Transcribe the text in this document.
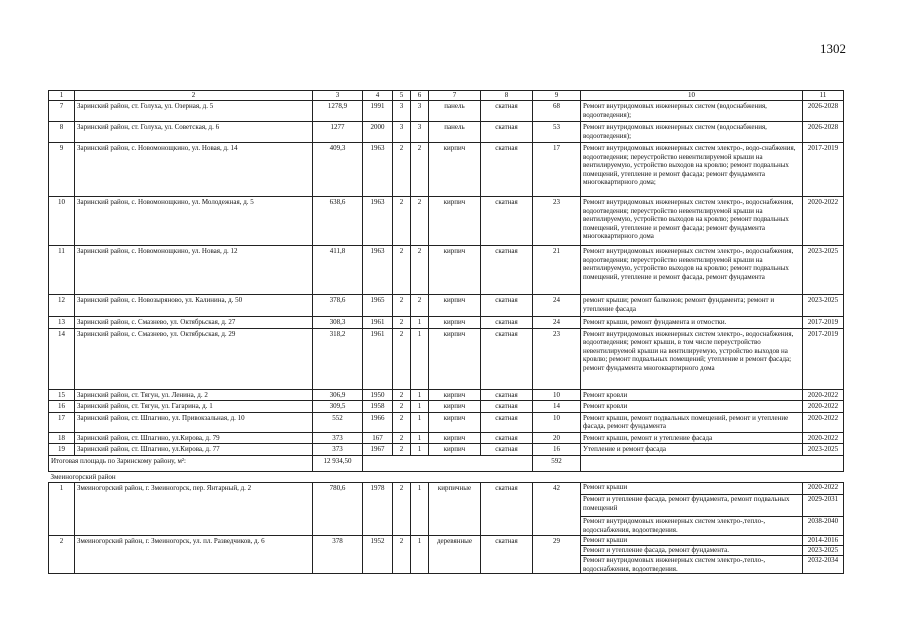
1302
1	2	3	4	5	6	7	8	9	10	11
7	Заринский район, ст. Голуха, ул. Озерная, д. 5	1278,9	1991	3	3	панель	скатная	68	Ремонт внутридомовых инженерных систем (водоснабжения, водоотведения);	2026-2028
8	Заринский район, ст. Голуха, ул. Советская, д. 6	1277	2000	3	3	панель	скатная	53	Ремонт внутридомовых инженерных систем (водоснабжения, водоотведения);	2026-2028
9	Заринский район, с. Новомонощкино, ул. Новая, д. 14	409,3	1963	2	2	кирпич	скатная	17	Ремонт внутридомовых инженерных систем электро-, водо-снабжения, водоотведения; переустройство невентилируемой крыши на вентилируемую, устройство выходов на кровлю; ремонт подвальных помещений, утепление и ремонт фасада; ремонт фундамента многоквартирного дома;	2017-2019
10	Заринский район, с. Новомонощкино, ул. Молодежная, д. 5	638,6	1963	2	2	кирпич	скатная	23	Ремонт внутридомовых инженерных систем электро-, водоснабжения, водоотведения; переустройство невентилируемой крыши на вентилируемую, устройство выходов на кровлю; ремонт подвальных помещений, утепление и ремонт фасада; ремонт фундамента многоквартирного дома	2020-2022
11	Заринский район, с. Новомонощкино, ул. Новая, д. 12	411,8	1963	2	2	кирпич	скатная	21	Ремонт внутридомовых инженерных систем электро-, водоснабжения, водоотведения; переустройство невентилируемой крыши на вентилируемую, устройство выходов на кровлю; ремонт подвальных помещений, утепление и ремонт фасада, ремонт фундамента	2023-2025
12	Заринский район, с. Новозыряново, ул. Калинина, д. 50	378,6	1965	2	2	кирпич	скатная	24	ремонт крыши; ремонт балконов; ремонт фундамента; ремонт и утепление фасада	2023-2025
13	Заринский район, с. Смазнево, ул. Октябрьская, д. 27	308,3	1961	2	1	кирпич	скатная	24	Ремонт крыши, ремонт фундамента и отмостки.	2017-2019
14	Заринский район, с. Смазнево, ул. Октябрьская, д. 29	318,2	1961	2	1	кирпич	скатная	23	Ремонт внутридомовых инженерных систем электро-, водоснабжения, водоотведения; ремонт крыши, в том числе переустройство невентилируемой крыши на вентилируемую, устройство выходов на кровлю; ремонт подвальных помещений; утепление и ремонт фасада; ремонт фундамента многоквартирного дома	2017-2019
15	Заринский район, ст. Тягун, ул. Ленина, д. 2	306,9	1950	2	1	кирпич	скатная	10	Ремонт кровли	2020-2022
16	Заринский район, ст. Тягун, ул. Гагарина, д. 1	309,5	1958	2	1	кирпич	скатная	14	Ремонт кровли	2020-2022
17	Заринский район, ст. Шпагино, ул. Привокзальная, д. 10	552	1966	2	1	кирпич	скатная	10	Ремонт крыши, ремонт подвальных помещений, ремонт и утепление фасада, ремонт фундамента	2020-2022
18	Заринский район, ст. Шпагино, ул.Кирова, д. 79	373	167	2	1	кирпич	скатная	20	Ремонт крыши, ремонт и утепление фасада	2020-2022
19	Заринский район, ст. Шпагино, ул.Кирова, д. 77	373	1967	2	1	кирпич	скатная	16	Утепление и ремонт фасада	2023-2025
Итоговая площадь по Заринскому району, м²:		12 934,50						592		
Змеиногорский район										
1	Змеиногорский район, г. Змеиногорск, пер. Янтарный, д. 2	780,6	1978	2	1	кирпичные	скатная	42	Ремонт крыши	2020-2022
									Ремонт и утепление фасада, ремонт фундамента, ремонт подвальных помещений	2029-2031
									Ремонт внутридомовых инженерных систем электро-,тепло-, водоснабжения, водоотведения.	2038-2040
2	Змеиногорский район, г. Змеиногорск, ул. пл. Разведчиков, д. 6	378	1952	2	1	деревянные	скатная	29	Ремонт крыши	2014-2016
									Ремонт и утепление фасада, ремонт фундамента.	2023-2025
									Ремонт внутридомовых инженерных систем электро-,тепло-, водоснабжения, водоотведения.	2032-2034
